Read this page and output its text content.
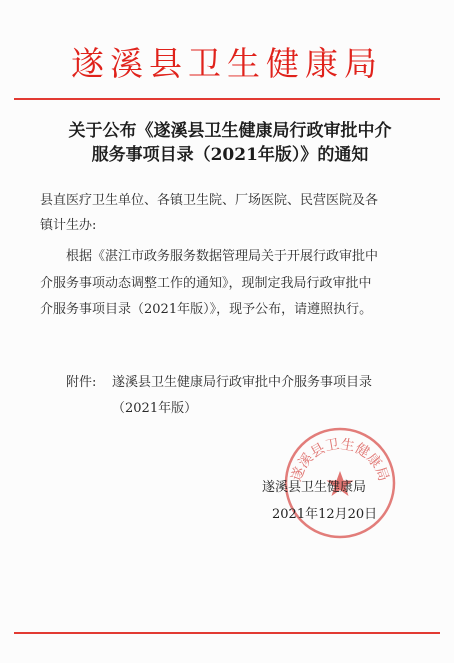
遂溪县卫生健康局
关于公布《遂溪县卫生健康局行政审批中介
服务事项目录（2021年版）》的通知
县直医疗卫生单位、各镇卫生院、厂场医院、民营医院及各
镇计生办:
根据《湛江市政务服务数据管理局关于开展行政审批中
介服务事项动态调整工作的通知》，现制定我局行政审批中
介服务事项目录（2021年版）》，现予公布，请遵照执行。
附件: 遂溪县卫生健康局行政审批中介服务事项目录
（2021年版）
遂溪县卫生健康局
遂溪县卫生健康局
2021年12月20日
